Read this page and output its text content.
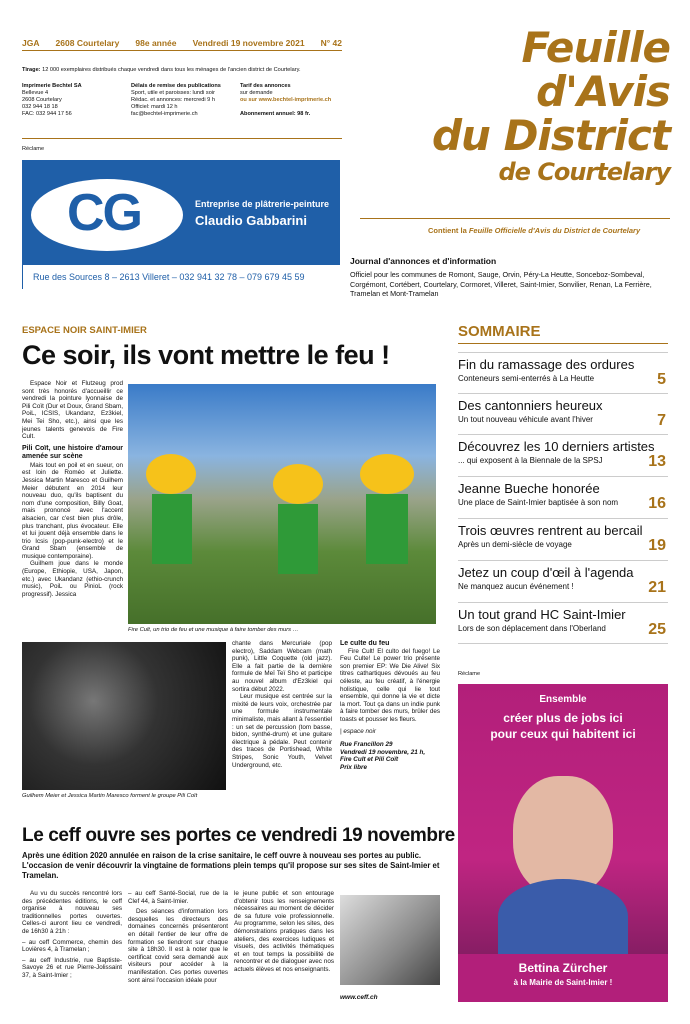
JGA 2608 Courtelary 98e année Vendredi 19 novembre 2021 N° 42
Tirage: 12 000 exemplaires distribués chaque vendredi dans tous les ménages de l'ancien district de Courtelary.
Imprimerie Bechtel SA
Bellevue 4
2608 Courtelary
032 944 18 18
FAC: 032 944 17 56
Délais de remise des publications
Sport, utile et paroisses: lundi soir
Rédac. et annonces: mercredi 9 h
Officiel: mardi 12 h
fac@bechtel-imprimerie.ch
Tarif des annonces
sur demande
ou sur www.bechtel-imprimerie.ch
Abonnement annuel: 98 fr.
Feuille
d'Avis
du District
de Courtelary
Contient la Feuille Officielle d'Avis du District de Courtelary
Journal d'annonces et d'information
Officiel pour les communes de Romont, Sauge, Orvin, Péry-La Heutte, Sonceboz-Sombeval, Corgémont, Cortébert, Courtelary, Cormoret, Villeret, Saint-Imier, Sonvilier, Renan, La Ferrière, Tramelan et Mont-Tramelan
Réclame
CG	Entreprise de plâtrerie-peinture
Claudio Gabbarini
Rue des Sources 8 – 2613 Villeret – 032 941 32 78 – 079 679 45 59
ESPACE NOIR SAINT-IMIER
Ce soir, ils vont mettre le feu !

Espace Noir et Flutzeug prod sont très honorés d'accueillir ce vendredi la pointure lyonnaise de Pili Coït (Dur et Doux, Grand Sbam, PoiL, ICSIS, Ukandanz, Ez3kiel, Mei Tei Sho, etc.), ainsi que les jeunes talents genevois de Fire Cult.

Pili Coït, une histoire d'amour amenée sur scène

Mais tout en poil et en sueur, on est loin de Roméo et Juliette. Jessica Martin Maresco et Guilhem Meier débutent en 2014 leur nouveau duo, qu'ils baptisent du nom d'une composition, Billy Goat, mais prononcé avec l'accent alsacien, car c'est bien plus drôle, plus tranchant, plus évocateur. Elle et lui jouent déjà ensemble dans le trio Icsis (pop-punk-electro) et le Grand Sbam (ensemble de musique contemporaine).

Guilhem joue dans le monde (Europe, Ethiopie, USA, Japon, etc.) avec Ukandanz (ethio-crunch music), PoiL ou PinioL (rock progressif). Jessica

Fire Cult, un trio de feu et une musique à faire tomber des murs …
Guilhem Meier et Jessica Martin Maresco forment le groupe Pili Coït

chante dans Mercuriale (pop electro), Saddam Webcam (math punk), Little Coquette (old jazz). Elle a fait partie de la dernière formule de Meï Teï Sho et participe au nouvel album d'Ez3kiel qui sortira début 2022.

Leur musique est centrée sur la mixité de leurs voix, orchestrée par une formule instrumentale minimaliste, mais allant à l'essentiel : un set de percussion (tom basse, bidon, synthé-drum) et une guitare électrique à pédale. Peut contenir des traces de Portishead, White Stripes, Sonic Youth, Velvet Underground, etc.

Le culte du feu

Fire Cult! El culto del fuego! Le Feu Culte! Le power trio présente son premier EP: We Die Alive! Six titres cathartiques dévoués au feu céleste, au feu créatif, à l'énergie holistique, celle qui lie tout ensemble, qui donne la vie et dicte la mort. Tout ça dans un indie punk à faire tomber des murs, brûler des toasts et pousser les fleurs.

| espace noir

Rue Francillon 29
Vendredi 19 novembre, 21 h,
Fire Cult et Pili Coït
Prix libre
Le ceff ouvre ses portes ce vendredi 19 novembre
Après une édition 2020 annulée en raison de la crise sanitaire, le ceff ouvre à nouveau ses portes au public. L'occasion de venir découvrir la vingtaine de formations plein temps qu'il propose sur ses sites de Saint-Imier et Tramelan.

Au vu du succès rencontré lors des précédentes éditions, le ceff organise à nouveau ses traditionnelles portes ouvertes. Celles-ci auront lieu ce vendredi, de 16h30 à 21h :

– au ceff Commerce, chemin des Lovières 4, à Tramelan ;

– au ceff Industrie, rue Baptiste-Savoye 26 et rue Pierre-Jolissaint 37, à Saint-Imier ;

– au ceff Santé-Social, rue de la Clef 44, à Saint-Imier.

Des séances d'information lors desquelles les directeurs des domaines concernés présenteront en détail l'entier de leur offre de formation se tiendront sur chaque site à 18h30. Il est à noter que le certificat covid sera demandé aux visiteurs pour accéder à la manifestation. Ces portes ouvertes sont ainsi l'occasion idéale pour

le jeune public et son entourage d'obtenir tous les renseignements nécessaires au moment de décider de sa future voie professionnelle. Au programme, selon les sites, des démonstrations pratiques dans les ateliers, des exercices ludiques et visuels, des activités thématiques et en tout temps la possibilité de rencontrer et de dialoguer avec nos actuels élèves et nos enseignants.
www.ceff.ch
SOMMAIRE
Fin du ramassage des ordures
Conteneurs semi-enterrés à La Heutte	5
Des cantonniers heureux
Un tout nouveau véhicule avant l'hiver	7
Découvrez les 10 derniers artistes
... qui exposent à la Biennale de la SPSJ	13
Jeanne Bueche honorée
Une place de Saint-Imier baptisée à son nom	16
Trois œuvres rentrent au bercail
Après un demi-siècle de voyage	19
Jetez un coup d'œil à l'agenda
Ne manquez aucun événement !	21
Un tout grand HC Saint-Imier
Lors de son déplacement dans l'Oberland	25
Réclame
Ensemble
créer plus de jobs ici
pour ceux qui habitent ici
Bettina Zürcher
à la Mairie de Saint-Imier !
